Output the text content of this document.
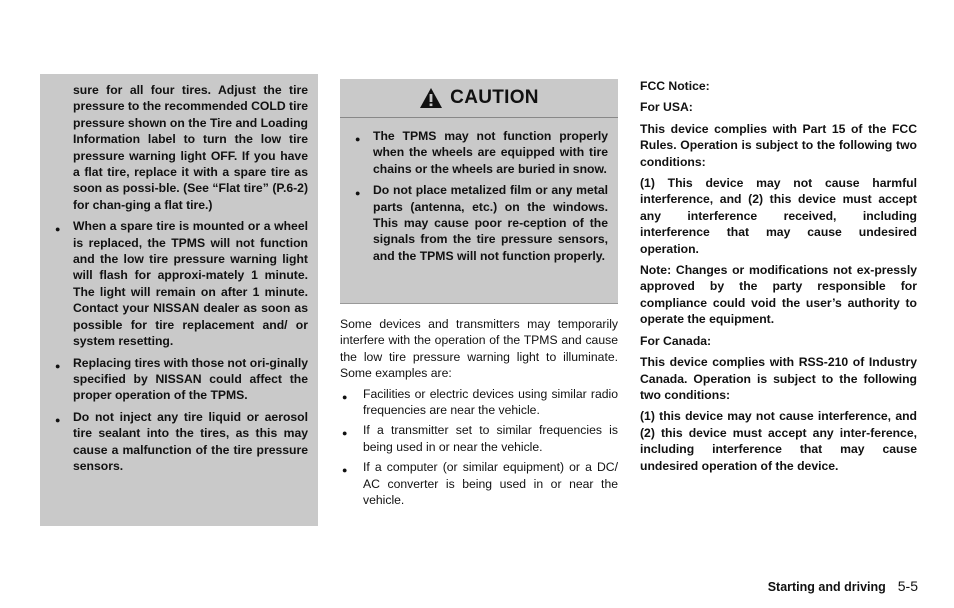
sure for all four tires. Adjust the tire pressure to the recommended COLD tire pressure shown on the Tire and Loading Information label to turn the low tire pressure warning light OFF. If you have a flat tire, replace it with a spare tire as soon as possi-ble. (See “Flat tire” (P.6-2) for chan-ging a flat tire.)

● When a spare tire is mounted or a wheel is replaced, the TPMS will not function and the low tire pressure warning light will flash for approxi-mately 1 minute. The light will remain on after 1 minute. Contact your NISSAN dealer as soon as possible for tire replacement and/ or system resetting.
● Replacing tires with those not ori-ginally specified by NISSAN could affect the proper operation of the TPMS.
● Do not inject any tire liquid or aerosol tire sealant into the tires, as this may cause a malfunction of the tire pressure sensors.
CAUTION
● The TPMS may not function properly when the wheels are equipped with tire chains or the wheels are buried in snow.
● Do not place metalized film or any metal parts (antenna, etc.) on the windows. This may cause poor re-ception of the signals from the tire pressure sensors, and the TPMS will not function properly.

Some devices and transmitters may temporarily interfere with the operation of the TPMS and cause the low tire pressure warning light to illuminate. Some examples are:

● Facilities or electric devices using similar radio frequencies are near the vehicle.
● If a transmitter set to similar frequencies is being used in or near the vehicle.
● If a computer (or similar equipment) or a DC/ AC converter is being used in or near the vehicle.

FCC Notice:

For USA:

This device complies with Part 15 of the FCC Rules. Operation is subject to the following two conditions:

(1) This device may not cause harmful interference, and (2) this device must accept any interference received, including interference that may cause undesired operation.

Note: Changes or modifications not ex-pressly approved by the party responsible for compliance could void the user’s authority to operate the equipment.

For Canada:

This device complies with RSS-210 of Industry Canada. Operation is subject to the following two conditions:

(1) this device may not cause interference, and (2) this device must accept any inter-ference, including interference that may cause undesired operation of the device.

Starting and driving 5-5
